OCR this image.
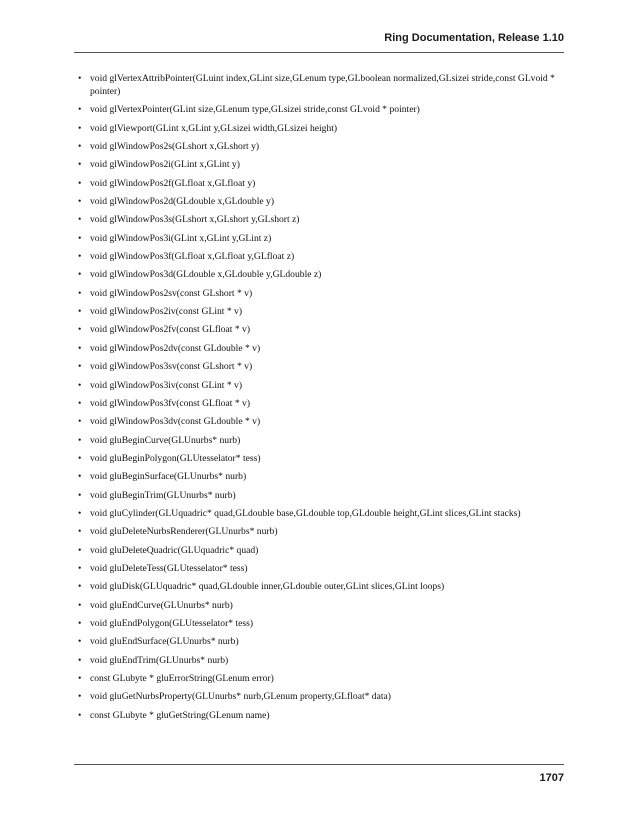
Ring Documentation, Release 1.10
• void glVertexAttribPointer(GLuint index,GLint size,GLenum type,GLboolean normalized,GLsizei stride,const GLvoid * pointer)
• void glVertexPointer(GLint size,GLenum type,GLsizei stride,const GLvoid * pointer)
• void glViewport(GLint x,GLint y,GLsizei width,GLsizei height)
• void glWindowPos2s(GLshort x,GLshort y)
• void glWindowPos2i(GLint x,GLint y)
• void glWindowPos2f(GLfloat x,GLfloat y)
• void glWindowPos2d(GLdouble x,GLdouble y)
• void glWindowPos3s(GLshort x,GLshort y,GLshort z)
• void glWindowPos3i(GLint x,GLint y,GLint z)
• void glWindowPos3f(GLfloat x,GLfloat y,GLfloat z)
• void glWindowPos3d(GLdouble x,GLdouble y,GLdouble z)
• void glWindowPos2sv(const GLshort * v)
• void glWindowPos2iv(const GLint * v)
• void glWindowPos2fv(const GLfloat * v)
• void glWindowPos2dv(const GLdouble * v)
• void glWindowPos3sv(const GLshort * v)
• void glWindowPos3iv(const GLint * v)
• void glWindowPos3fv(const GLfloat * v)
• void glWindowPos3dv(const GLdouble * v)
• void gluBeginCurve(GLUnurbs* nurb)
• void gluBeginPolygon(GLUtesselator* tess)
• void gluBeginSurface(GLUnurbs* nurb)
• void gluBeginTrim(GLUnurbs* nurb)
• void gluCylinder(GLUquadric* quad,GLdouble base,GLdouble top,GLdouble height,GLint slices,GLint stacks)
• void gluDeleteNurbsRenderer(GLUnurbs* nurb)
• void gluDeleteQuadric(GLUquadric* quad)
• void gluDeleteTess(GLUtesselator* tess)
• void gluDisk(GLUquadric* quad,GLdouble inner,GLdouble outer,GLint slices,GLint loops)
• void gluEndCurve(GLUnurbs* nurb)
• void gluEndPolygon(GLUtesselator* tess)
• void gluEndSurface(GLUnurbs* nurb)
• void gluEndTrim(GLUnurbs* nurb)
• const GLubyte * gluErrorString(GLenum error)
• void gluGetNurbsProperty(GLUnurbs* nurb,GLenum property,GLfloat* data)
• const GLubyte * gluGetString(GLenum name)
1707
